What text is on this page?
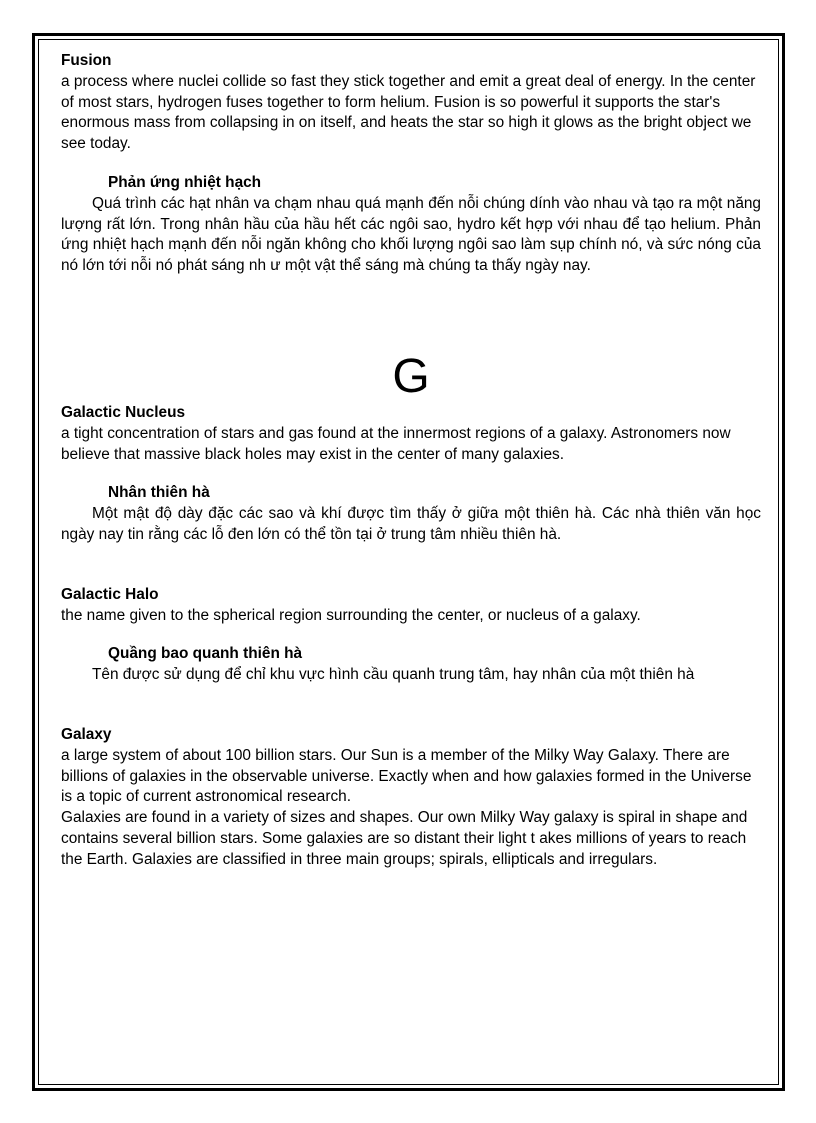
Fusion

a process where nuclei collide so fast they stick together and emit a great deal of energy. In the center of most stars, hydrogen fuses together to form helium. Fusion is so powerful it supports the star's enormous mass from collapsing in on itself, and heats the star so high it glows as the bright object we see today.

Phản ứng nhiệt hạch

Quá trình các hạt nhân va chạm nhau quá mạnh đến nỗi chúng dính vào nhau và tạo ra một năng lượng rất lớn. Trong nhân hầu của hầu hết các ngôi sao, hydro kết hợp với nhau để tạo helium. Phản ứng nhiệt hạch mạnh đến nỗi ngăn không cho khối lượng ngôi sao làm sụp chính nó, và sức nóng của nó lớn tới nỗi nó phát sáng nh ư một vật thể sáng mà chúng ta thấy ngày nay.

G

Galactic Nucleus

a tight concentration of stars and gas found at the innermost regions of a galaxy. Astronomers now believe that massive black holes may exist in the center of many galaxies.

Nhân thiên hà

Một mật độ dày đặc các sao và khí được tìm thấy ở giữa một thiên hà. Các nhà thiên văn học ngày nay tin rằng các lỗ đen lớn có thể tồn tại ở trung tâm nhiều thiên hà.

Galactic Halo

the name given to the spherical region surrounding the center, or nucleus of a galaxy.

Quầng bao quanh thiên hà

Tên được sử dụng để chỉ khu vực hình cầu quanh trung tâm, hay nhân của một thiên hà

Galaxy

a large system of about 100 billion stars. Our Sun is a member of the Milky Way Galaxy. There are billions of galaxies in the observable universe. Exactly when and how galaxies formed in the Universe is a topic of current astronomical research.

Galaxies are found in a variety of sizes and shapes. Our own Milky Way galaxy is spiral in shape and contains several billion stars. Some galaxies are so distant their light t akes millions of years to reach the Earth. Galaxies are classified in three main groups; spirals, ellipticals and irregulars.
